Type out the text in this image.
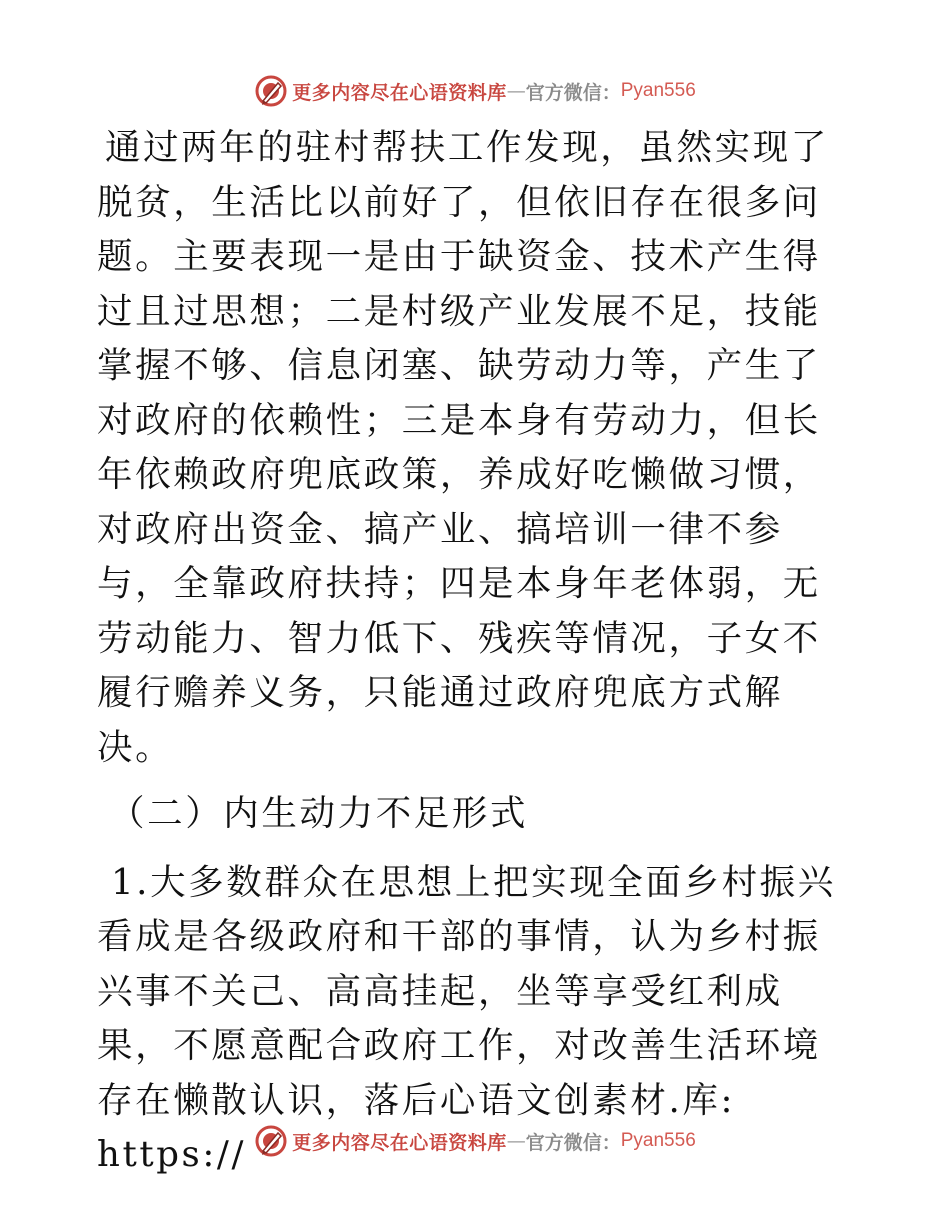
更多内容尽在心语资料库 — 官方微信： Pyan556

通过两年的驻村帮扶工作发现，虽然实现了脱贫，生活比以前好了，但依旧存在很多问题。主要表现一是由于缺资金、技术产生得过且过思想；二是村级产业发展不足，技能掌握不够、信息闭塞、缺劳动力等，产生了对政府的依赖性；三是本身有劳动力，但长年依赖政府兜底政策，养成好吃懒做习惯，对政府出资金、搞产业、搞培训一律不参与，全靠政府扶持；四是本身年老体弱，无劳动能力、智力低下、残疾等情况，子女不履行赡养义务，只能通过政府兜底方式解决。

（二）内生动力不足形式

1.大多数群众在思想上把实现全面乡村振兴看成是各级政府和干部的事情，认为乡村振兴事不关己、高高挂起，坐等享受红利成果，不愿意配合政府工作，对改善生活环境存在懒散认识，落后心语文创素材.库: https://	更多内容尽在心语资料库 — 官方微信： Pyan556
